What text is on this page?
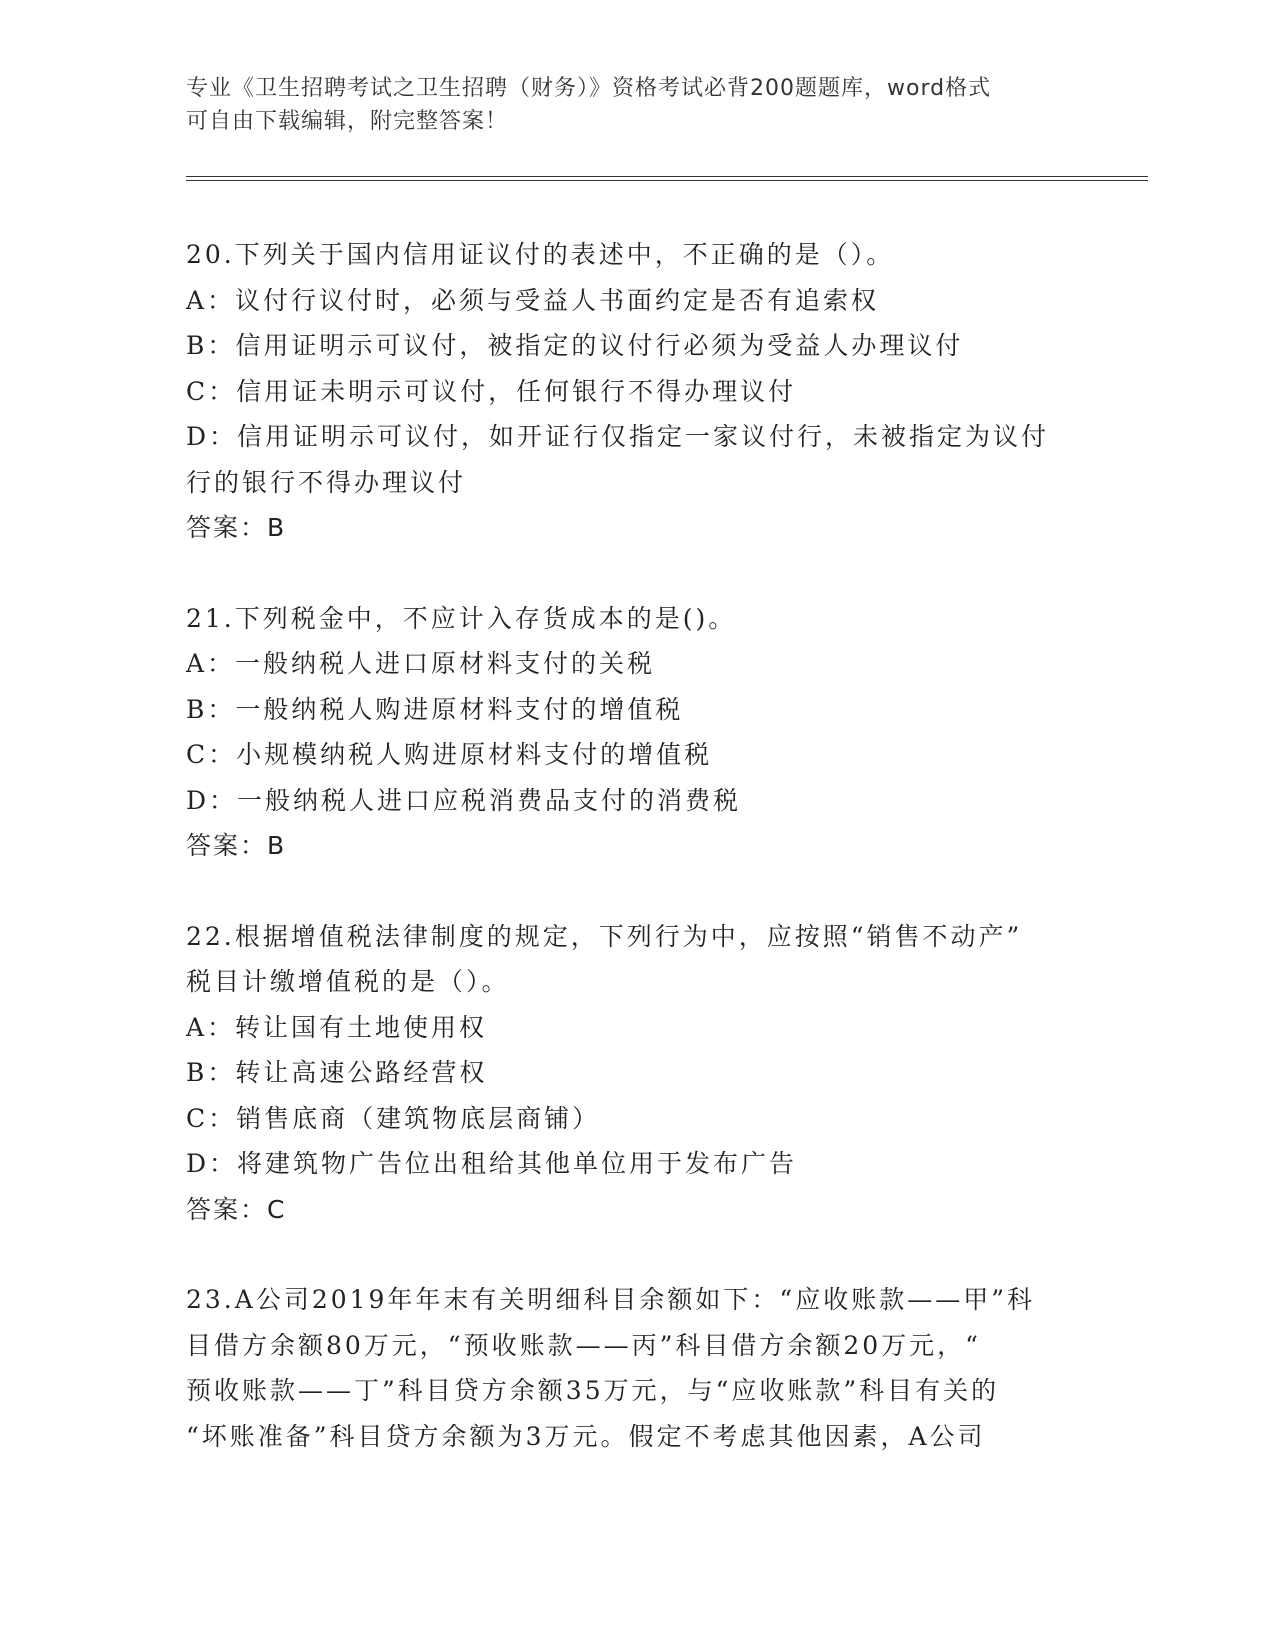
专业《卫生招聘考试之卫生招聘（财务）》资格考试必背200题题库，word格式
可自由下载编辑，附完整答案！
20.下列关于国内信用证议付的表述中，不正确的是（）。
A：议付行议付时，必须与受益人书面约定是否有追索权
B：信用证明示可议付，被指定的议付行必须为受益人办理议付
C：信用证未明示可议付，任何银行不得办理议付
D：信用证明示可议付，如开证行仅指定一家议付行，未被指定为议付
行的银行不得办理议付
答案：B
21.下列税金中，不应计入存货成本的是()。
A：一般纳税人进口原材料支付的关税
B：一般纳税人购进原材料支付的增值税
C：小规模纳税人购进原材料支付的增值税
D：一般纳税人进口应税消费品支付的消费税
答案：B
22.根据增值税法律制度的规定，下列行为中，应按照“销售不动产”
税目计缴增值税的是（）。
A：转让国有土地使用权
B：转让高速公路经营权
C：销售底商（建筑物底层商铺）
D：将建筑物广告位出租给其他单位用于发布广告
答案：C
23.A公司2019年年末有关明细科目余额如下：“应收账款——甲”科
目借方余额80万元，“预收账款——丙”科目借方余额20万元，“
预收账款——丁”科目贷方余额35万元，与“应收账款”科目有关的
“坏账准备”科目贷方余额为3万元。假定不考虑其他因素，A公司
